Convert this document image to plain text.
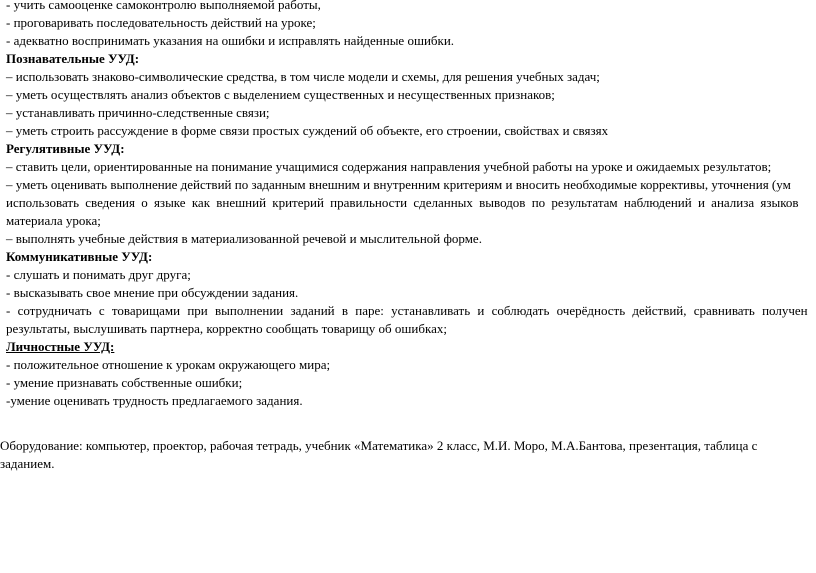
- учить самооценке самоконтролю выполняемой работы,
- проговаривать последовательность действий на уроке;
- адекватно воспринимать указания на ошибки и исправлять найденные ошибки.
Познавательные УУД:
– использовать знаково-символические средства, в том числе модели и схемы, для решения учебных задач;
– уметь осуществлять анализ объектов с выделением существенных и несущественных признаков;
– устанавливать причинно-следственные связи;
– уметь строить рассуждение в форме связи простых суждений об объекте, его строении, свойствах и связях
Регулятивные УУД:
– ставить цели, ориентированные на понимание учащимися содержания направления учебной работы на уроке и ожидаемых результатов;
– уметь оценивать выполнение действий по заданным внешним и внутренним критериям и вносить необходимые коррективы, уточнения (ум
использовать сведения о языке как внешний критерий правильности сделанных выводов по результатам наблюдений и анализа языков
материала урока;
– выполнять учебные действия в материализованной речевой и мыслительной форме.
Коммуникативные УУД:
- слушать и понимать друг друга;
- высказывать свое мнение при обсуждении задания.
- сотрудничать с товарищами при выполнении заданий в паре: устанавливать и соблюдать очерёдность действий, сравнивать получен
результаты, выслушивать партнера, корректно сообщать товарищу об ошибках;
Личностные УУД:
- положительное отношение к урокам окружающего мира;
- умение признавать собственные ошибки;
-умение оценивать трудность предлагаемого задания.
Оборудование: компьютер, проектор, рабочая тетрадь, учебник «Математика» 2 класс, М.И. Моро, М.А.Бантова, презентация, таблица с
заданием.
